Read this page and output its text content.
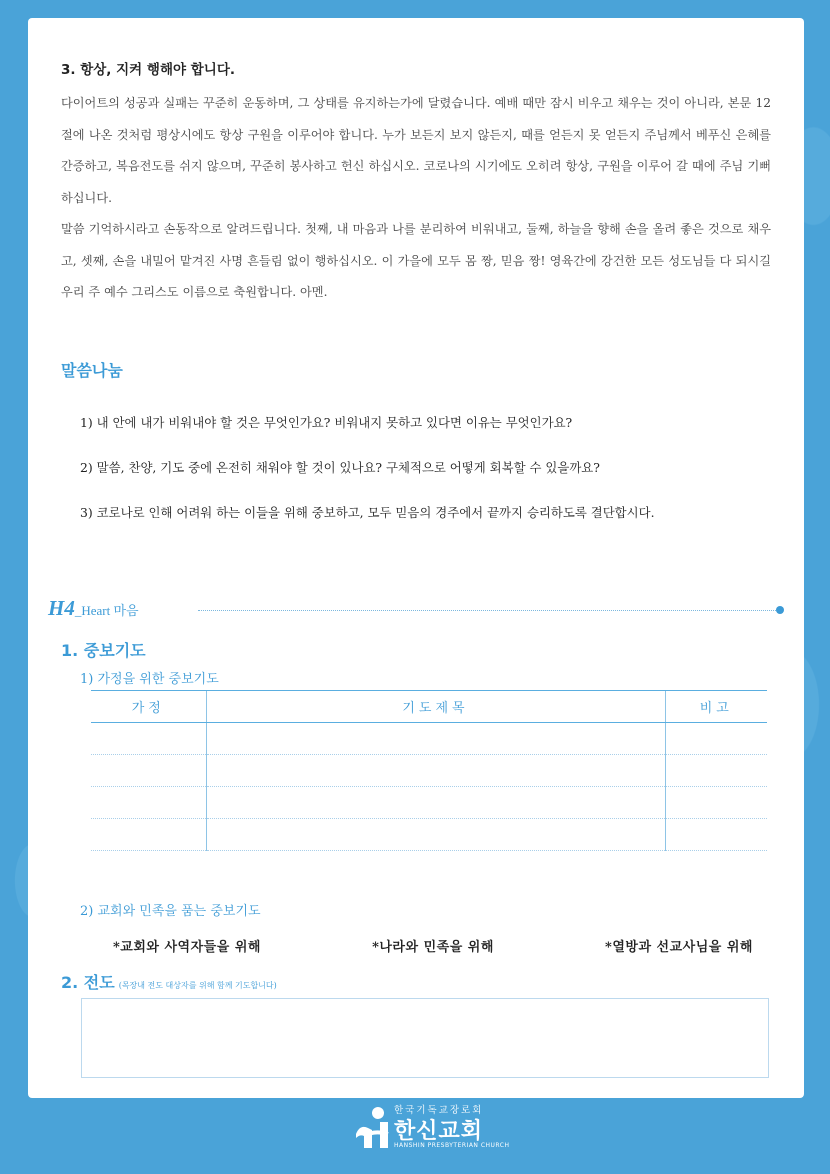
3. 항상, 지켜 행해야 합니다.

다이어트의 성공과 실패는 꾸준히 운동하며, 그 상태를 유지하는가에 달렸습니다. 예배 때만 잠시 비우고 채우는 것이 아니라, 본문 12절에 나온 것처럼 평상시에도 항상 구원을 이루어야 합니다. 누가 보든지 보지 않든지, 때를 얻든지 못 얻든지 주님께서 베푸신 은혜를 간증하고, 복음전도를 쉬지 않으며, 꾸준히 봉사하고 헌신 하십시오. 코로나의 시기에도 오히려 항상, 구원을 이루어 갈 때에 주님 기뻐하십니다.

말씀 기억하시라고 손동작으로 알려드립니다. 첫째, 내 마음과 나를 분리하여 비워내고, 둘째, 하늘을 향해 손을 올려 좋은 것으로 채우고, 셋째, 손을 내밀어 맡겨진 사명 흔들림 없이 행하십시오. 이 가을에 모두 몸 짱, 믿음 짱! 영육간에 강건한 모든 성도님들 다 되시길 우리 주 예수 그리스도 이름으로 축원합니다. 아멘.

말씀나눔
1) 내 안에 내가 비워내야 할 것은 무엇인가요? 비워내지 못하고 있다면 이유는 무엇인가요?
2) 말씀, 찬양, 기도 중에 온전히 채워야 할 것이 있나요? 구체적으로 어떻게 회복할 수 있을까요?
3) 코로나로 인해 어려워 하는 이들을 위해 중보하고, 모두 믿음의 경주에서 끝까지 승리하도록 결단합시다.
H4_Heart 마음
1. 중보기도
1) 가정을 위한 중보기도
가정	기도제목	비고

2) 교회와 민족을 품는 중보기도
*교회와 사역자들을 위해	*나라와 민족을 위해	*열방과 선교사님을 위해
2. 전도 (목장내 전도 대상자를 위해 함께 기도합니다)
한국기독교장로회
한신교회
HANSHIN PRESBYTERIAN CHURCH
